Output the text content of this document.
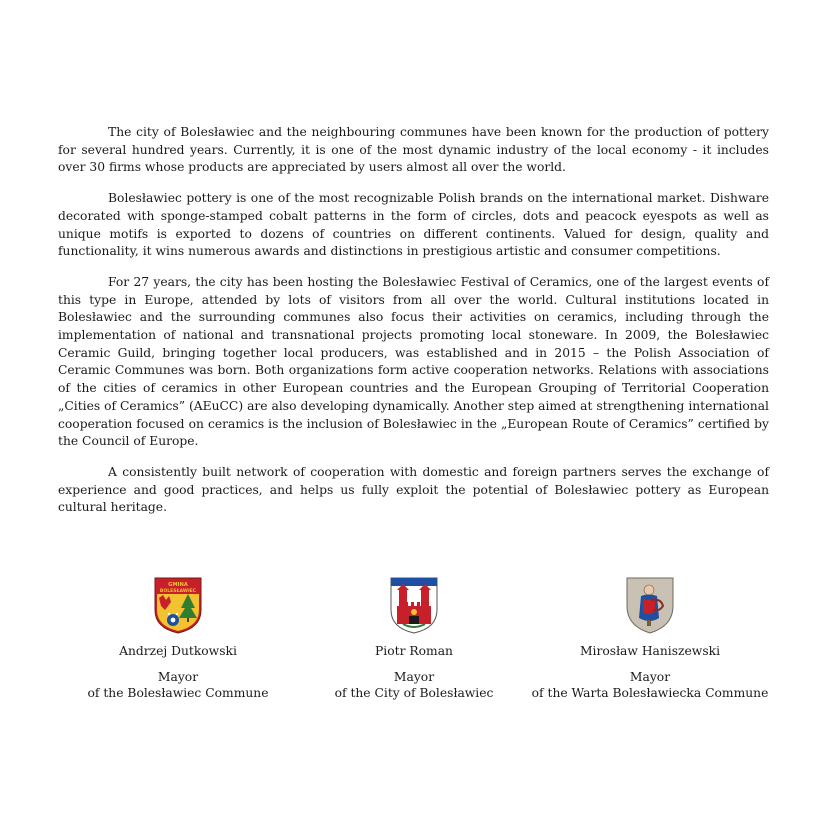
The city of Bolesławiec and the neighbouring communes have been known for the production of pottery for several hundred years. Currently, it is one of the most dynamic industry of the local economy - it includes over 30 firms whose products are appreciated by users almost all over the world.

Bolesławiec pottery is one of the most recognizable Polish brands on the international market. Dishware decorated with sponge-stamped cobalt patterns in the form of circles, dots and peacock eyespots as well as unique motifs is exported to dozens of countries on different continents. Valued for design, quality and functionality, it wins numerous awards and distinctions in prestigious artistic and consumer competitions.

For 27 years, the city has been hosting the Bolesławiec Festival of Ceramics, one of the largest events of this type in Europe, attended by lots of visitors from all over the world. Cultural institutions located in Bolesławiec and the surrounding communes also focus their activities on ceramics, including through the implementation of national and transnational projects promoting local stoneware. In 2009, the Bolesławiec Ceramic Guild, bringing together local producers, was established and in 2015 – the Polish Association of Ceramic Communes was born. Both organizations form active cooperation networks. Relations with associations of the cities of ceramics in other European countries and the European Grouping of Territorial Cooperation „Cities of Ceramics” (AEuCC) are also developing dynamically. Another step aimed at strengthening international cooperation focused on ceramics is the inclusion of Bolesławiec in the „European Route of Ceramics” certified by the Council of Europe.

A consistently built network of cooperation with domestic and foreign partners serves the exchange of experience and good practices, and helps us fully exploit the potential of Bolesławiec pottery as European cultural heritage.

GMINA
BOLESŁAWIEC
Andrzej Dutkowski
Mayor
of the Bolesławiec Commune
Piotr Roman
Mayor
of the City of Bolesławiec
Mirosław Haniszewski
Mayor
of the Warta Bolesławiecka Commune
